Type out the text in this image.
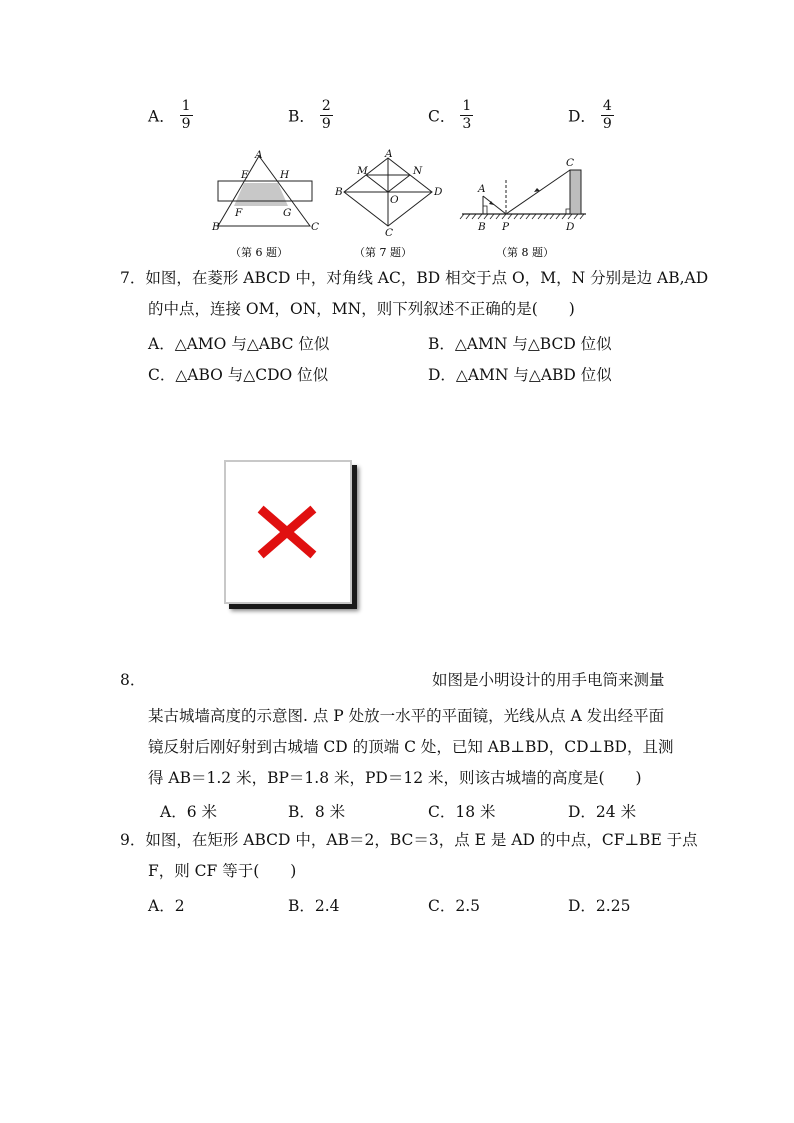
A． $\frac{1}{9}$	B． $\frac{2}{9}$	C． $\frac{1}{3}$	D． $\frac{4}{9}$
A
E	H
F	G
B	C
（第 6 题）
A
M	N
B
O
D
C
（第 7 题）
A
B P
C
D
（第 8 题）
7．如图，在菱形 ABCD 中，对角线 AC，BD 相交于点 O，M，N 分别是边 AB,AD
的中点，连接 OM，ON，MN，则下列叙述不正确的是(　　)
A．△AMO 与△ABC 位似	B．△AMN 与△BCD 位似
C．△ABO 与△CDO 位似	D．△AMN 与△ABD 位似
8．	如图是小明设计的用手电筒来测量
某古城墙高度的示意图. 点 P 处放一水平的平面镜，光线从点 A 发出经平面
镜反射后刚好射到古城墙 CD 的顶端 C 处，已知 AB⊥BD，CD⊥BD，且测
得 AB＝1.2 米，BP＝1.8 米，PD＝12 米，则该古城墙的高度是(　　)
A．6 米	B．8 米	C．18 米	D．24 米
9．如图，在矩形 ABCD 中，AB＝2，BC＝3，点 E 是 AD 的中点，CF⊥BE 于点
F，则 CF 等于(　　)
A．2	B．2.4	C．2.5	D．2.25
